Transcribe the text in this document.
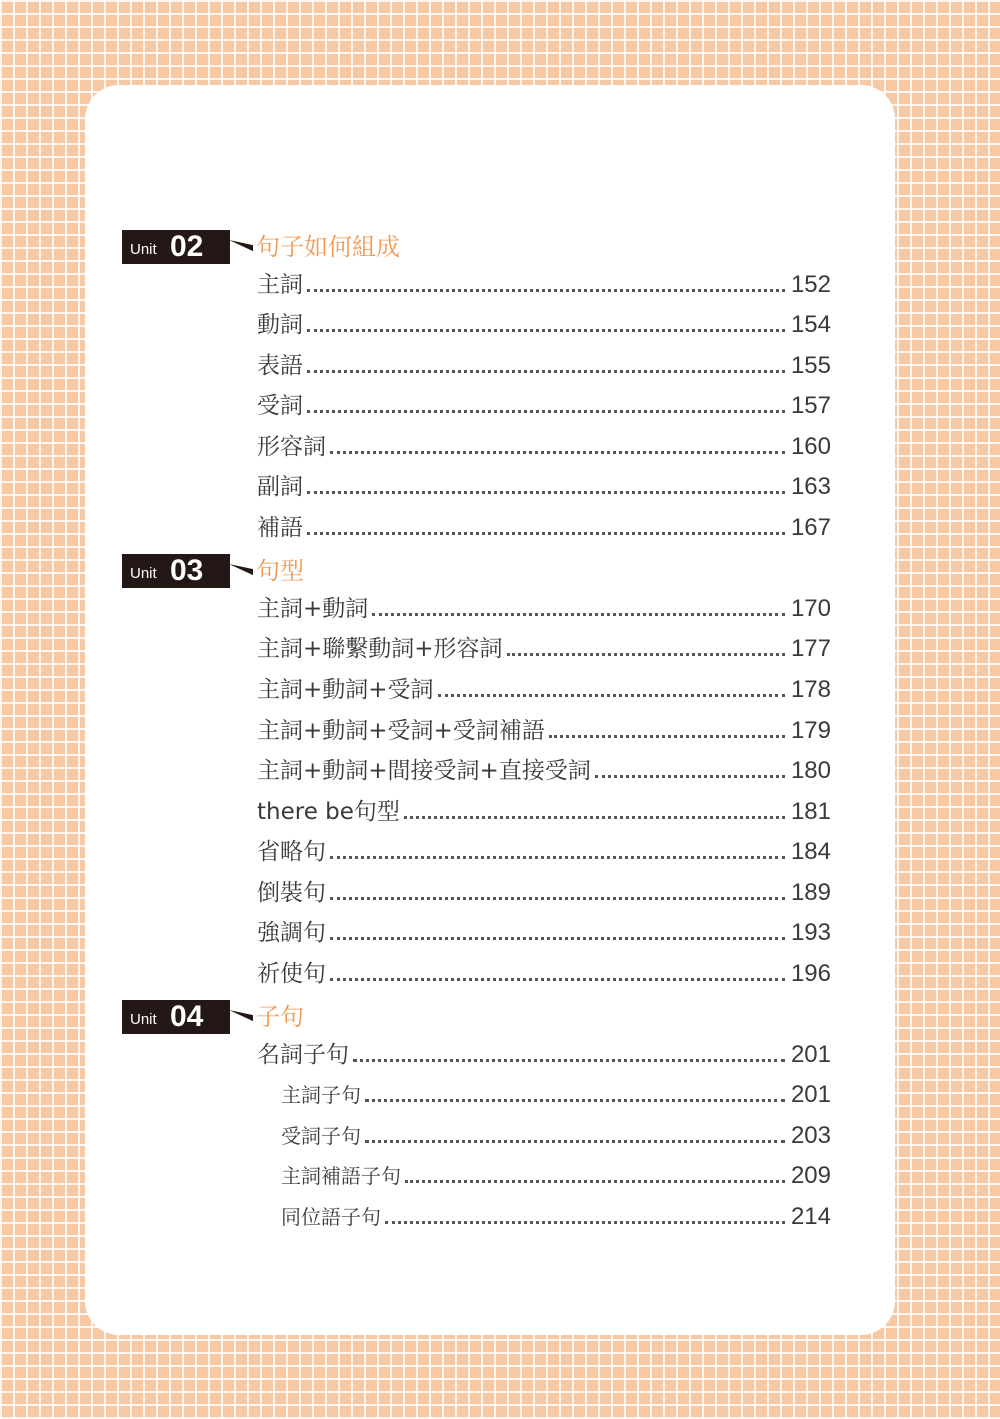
Unit 02 句子如何組成
主詞	152
動詞	154
表語	155
受詞	157
形容詞	160
副詞	163
補語	167
Unit 03 句型
主詞+動詞	170
主詞+聯繫動詞+形容詞	177
主詞+動詞+受詞	178
主詞+動詞+受詞+受詞補語	179
主詞+動詞+間接受詞+直接受詞	180
there be句型	181
省略句	184
倒裝句	189
強調句	193
祈使句	196
Unit 04 子句
名詞子句	201
主詞子句	201
受詞子句	203
主詞補語子句	209
同位語子句	214
